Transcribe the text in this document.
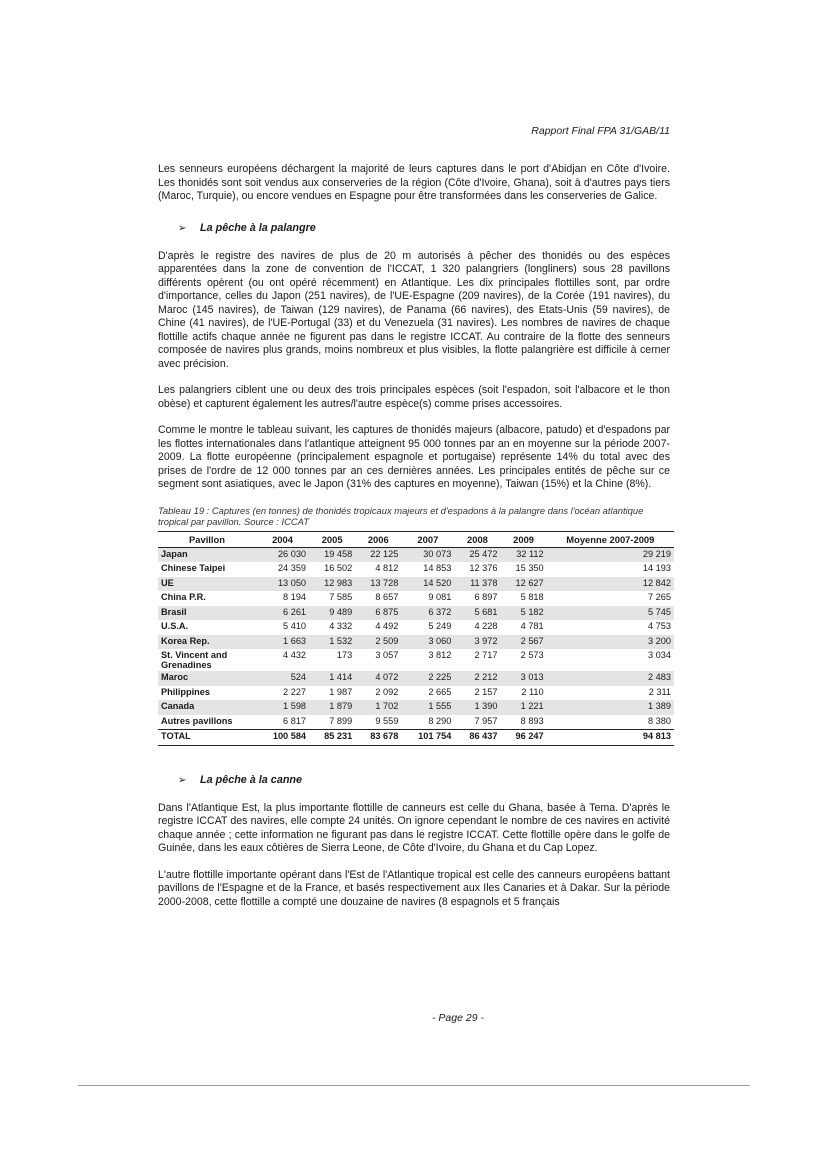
Rapport Final FPA 31/GAB/11

Les senneurs européens déchargent la majorité de leurs captures dans le port d'Abidjan en Côte d'Ivoire. Les thonidés sont soit vendus aux conserveries de la région (Côte d'Ivoire, Ghana), soit à d'autres pays tiers (Maroc, Turquie), ou encore vendues en Espagne pour être transformées dans les conserveries de Galice.

➢ La pêche à la palangre

D'après le registre des navires de plus de 20 m autorisés à pêcher des thonidés ou des espèces apparentées dans la zone de convention de l'ICCAT, 1 320 palangriers (longliners) sous 28 pavillons différents opèrent (ou ont opéré récemment) en Atlantique. Les dix principales flottilles sont, par ordre d'importance, celles du Japon (251 navires), de l'UE-Espagne (209 navires), de la Corée (191 navires), du Maroc (145 navires), de Taiwan (129 navires), de Panama (66 navires), des Etats-Unis (59 navires), de Chine (41 navires), de l'UE-Portugal (33) et du Venezuela (31 navires). Les nombres de navires de chaque flottille actifs chaque année ne figurent pas dans le registre ICCAT. Au contraire de la flotte des senneurs composée de navires plus grands, moins nombreux et plus visibles, la flotte palangrière est difficile à cerner avec précision.

Les palangriers ciblent une ou deux des trois principales espèces (soit l'espadon, soit l'albacore et le thon obèse) et capturent également les autres/l'autre espèce(s) comme prises accessoires.

Comme le montre le tableau suivant, les captures de thonidés majeurs (albacore, patudo) et d'espadons par les flottes internationales dans l'atlantique atteignent 95 000 tonnes par an en moyenne sur la période 2007-2009. La flotte européenne (principalement espagnole et portugaise) représente 14% du total avec des prises de l'ordre de 12 000 tonnes par an ces dernières années. Les principales entités de pêche sur ce segment sont asiatiques, avec le Japon (31% des captures en moyenne), Taiwan (15%) et la Chine (8%).

Tableau 19 : Captures (en tonnes) de thonidés tropicaux majeurs et d'espadons à la palangre dans l'océan atlantique tropical par pavillon. Source : ICCAT
Pavillon	2004	2005	2006	2007	2008	2009	Moyenne 2007-2009
Japan	26 030	19 458	22 125	30 073	25 472	32 112	29 219
Chinese Taipei	24 359	16 502	4 812	14 853	12 376	15 350	14 193
UE	13 050	12 983	13 728	14 520	11 378	12 627	12 842
China P.R.	8 194	7 585	8 657	9 081	6 897	5 818	7 265
Brasil	6 261	9 489	6 875	6 372	5 681	5 182	5 745
U.S.A.	5 410	4 332	4 492	5 249	4 228	4 781	4 753
Korea Rep.	1 663	1 532	2 509	3 060	3 972	2 567	3 200
St. Vincent and Grenadines	4 432	173	3 057	3 812	2 717	2 573	3 034
Maroc	524	1 414	4 072	2 225	2 212	3 013	2 483
Philippines	2 227	1 987	2 092	2 665	2 157	2 110	2 311
Canada	1 598	1 879	1 702	1 555	1 390	1 221	1 389
Autres pavillons	6 817	7 899	9 559	8 290	7 957	8 893	8 380
TOTAL	100 584	85 231	83 678	101 754	86 437	96 247	94 813
➢ La pêche à la canne

Dans l'Atlantique Est, la plus importante flottille de canneurs est celle du Ghana, basée à Tema. D'après le registre ICCAT des navires, elle compte 24 unités. On ignore cependant le nombre de ces navires en activité chaque année ; cette information ne figurant pas dans le registre ICCAT. Cette flottille opère dans le golfe de Guinée, dans les eaux côtières de Sierra Leone, de Côte d'Ivoire, du Ghana et du Cap Lopez.

L'autre flottille importante opérant dans l'Est de l'Atlantique tropical est celle des canneurs européens battant pavillons de l'Espagne et de la France, et basés respectivement aux Iles Canaries et à Dakar. Sur la période 2000-2008, cette flottille a compté une douzaine de navires (8 espagnols et 5 français

- Page 29 -
